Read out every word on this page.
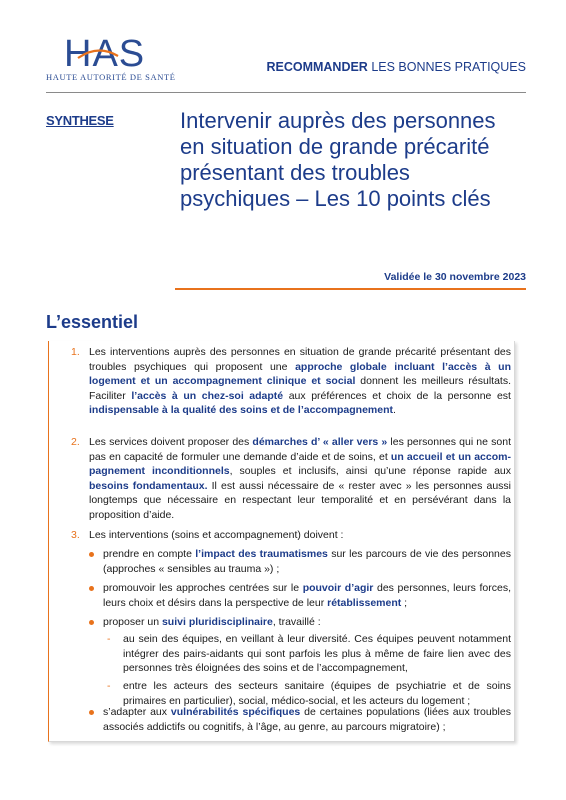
HAS
HAUTE AUTORITÉ DE SANTÉ
RECOMMANDER LES BONNES PRATIQUES
SYNTHESE	Intervenir auprès des personnes en situation de grande précarité présentant des troubles psychiques – Les 10 points clés
Validée le 30 novembre 2023
L’essentiel
1. Les interventions auprès des personnes en situation de grande précarité présentant des troubles psychiques qui proposent une approche globale incluant l’accès à un logement et un accompagnement clinique et social donnent les meilleurs résultats. Faciliter l’accès à un chez-soi adapté aux préférences et choix de la personne est indispensable à la qualité des soins et de l’accompagnement.
2. Les services doivent proposer des démarches d’ « aller vers » les personnes qui ne sont pas en capacité de formuler une demande d’aide et de soins, et un accueil et un accompagnement inconditionnels, souples et inclusifs, ainsi qu’une réponse rapide aux besoins fondamentaux. Il est aussi nécessaire de « rester avec » les personnes aussi longtemps que nécessaire en respectant leur temporalité et en persévérant dans la proposition d’aide.
3. Les interventions (soins et accompagnement) doivent :
prendre en compte l’impact des traumatismes sur les parcours de vie des personnes (approches « sensibles au trauma ») ;
promouvoir les approches centrées sur le pouvoir d’agir des personnes, leurs forces, leurs choix et désirs dans la perspective de leur rétablissement ;
proposer un suivi pluridisciplinaire, travaillé :
- au sein des équipes, en veillant à leur diversité. Ces équipes peuvent notamment intégrer des pairs-aidants qui sont parfois les plus à même de faire lien avec des personnes très éloignées des soins et de l’accompagnement,
- entre les acteurs des secteurs sanitaire (équipes de psychiatrie et de soins primaires en particulier), social, médico-social, et les acteurs du logement ;
s’adapter aux vulnérabilités spécifiques de certaines populations (liées aux troubles associés addictifs ou cognitifs, à l’âge, au genre, au parcours migratoire) ;
